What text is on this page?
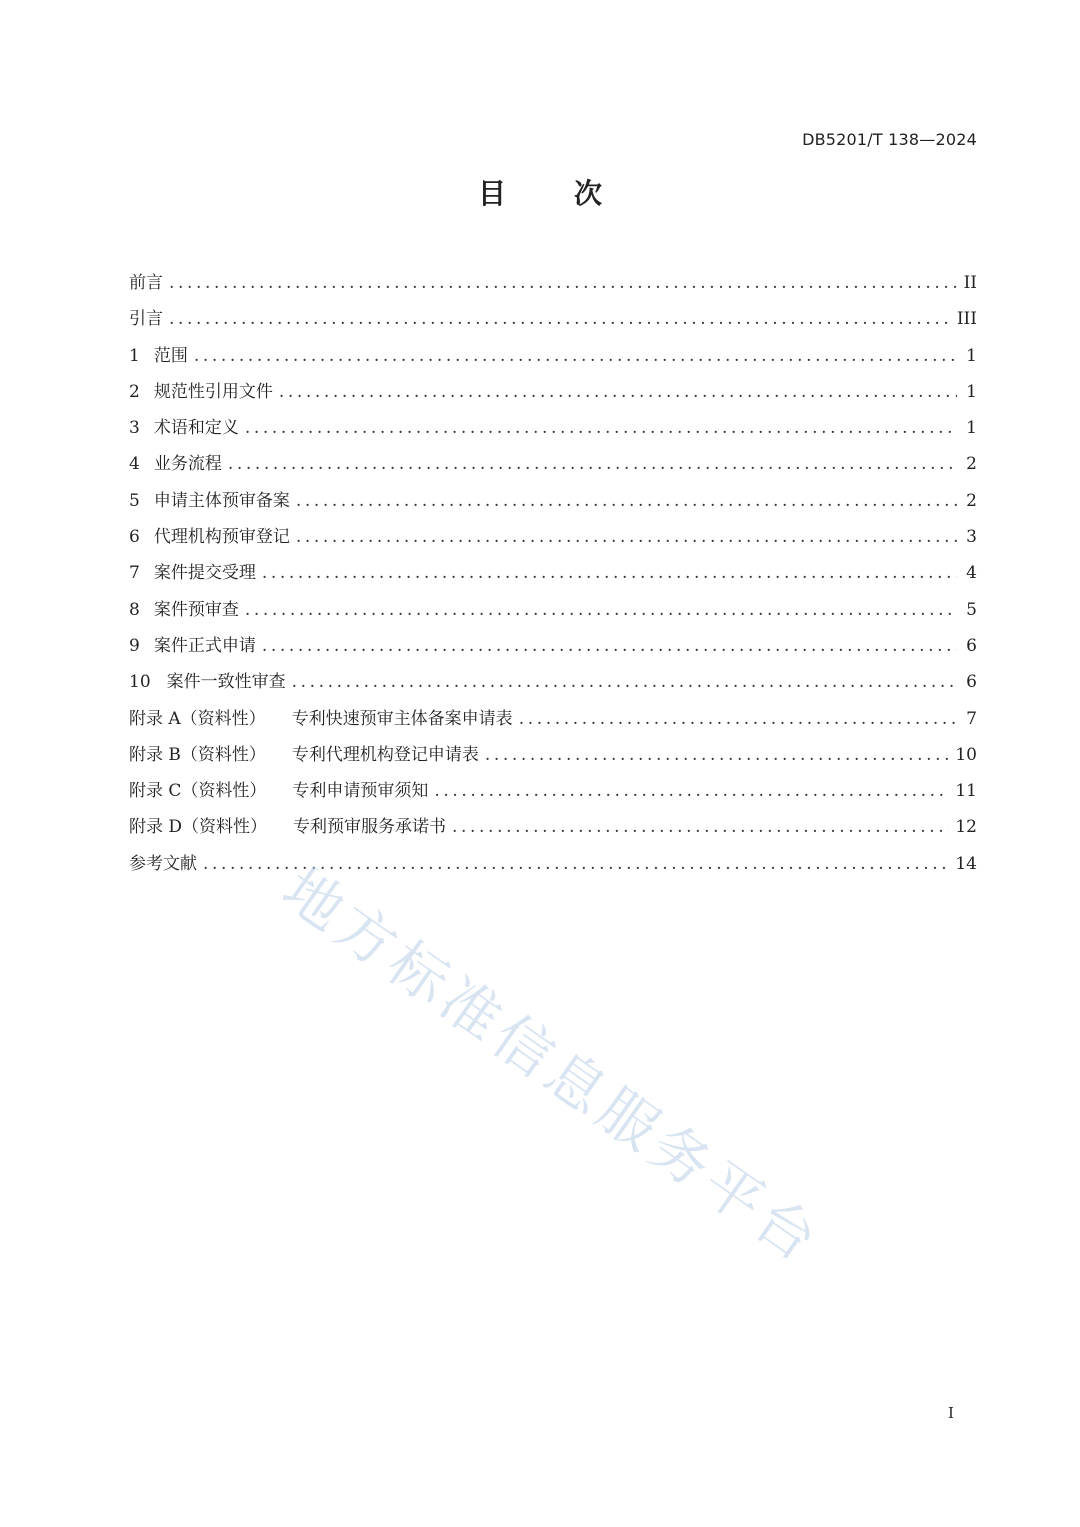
DB5201/T 138—2024
目 次
前言 .....	II
引言 .....	III
1 范围 .....	1
2 规范性引用文件 .....	1
3 术语和定义 .....	1
4 业务流程 .....	2
5 申请主体预审备案 .....	2
6 代理机构预审登记 .....	3
7 案件提交受理 .....	4
8 案件预审查 .....	5
9 案件正式申请 .....	6
10 案件一致性审查 .....	6
附录 A（资料性） 专利快速预审主体备案申请表 .....	7
附录 B（资料性） 专利代理机构登记申请表 .....	10
附录 C（资料性） 专利申请预审须知 .....	11
附录 D（资料性） 专利预审服务承诺书 .....	12
参考文献 .....	14
地方标准信息服务平台
I
